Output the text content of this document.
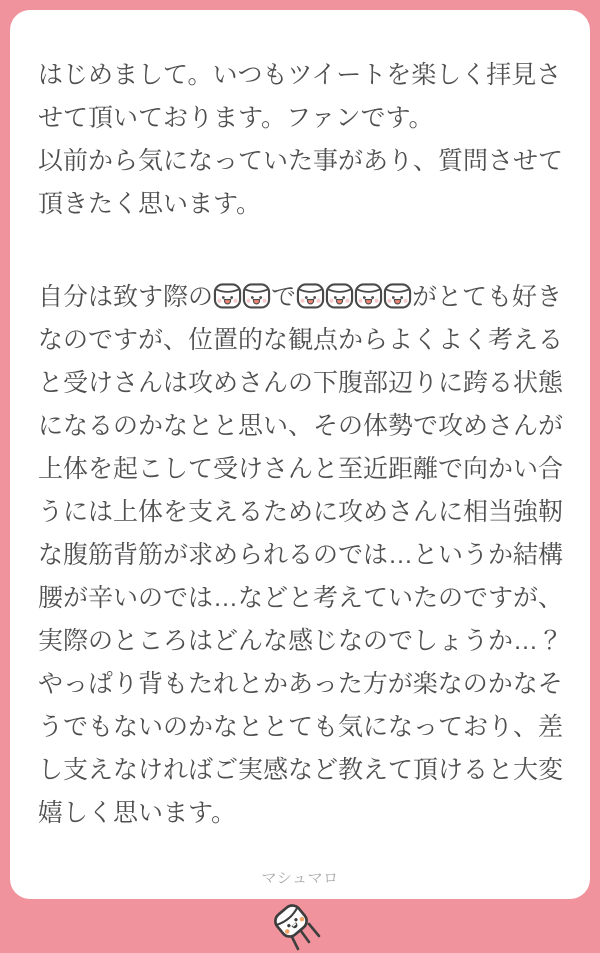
はじめまして。いつもツイートを楽しく拝見させて頂いております。ファンです。
以前から気になっていた事があり、質問させて頂きたく思います。

自分は致す際の で	がとても好きなのですが、位置的な観点からよくよく考えると受けさんは攻めさんの下腹部辺りに跨る状態になるのかなとと思い、その体勢で攻めさんが上体を起こして受けさんと至近距離で向かい合うには上体を支えるために攻めさんに相当強靭な腹筋背筋が求められるのでは…というか結構腰が辛いのでは…などと考えていたのですが、実際のところはどんな感じなのでしょうか…？やっぱり背もたれとかあった方が楽なのかなそうでもないのかなととても気になっており、差し支えなければご実感など教えて頂けると大変嬉しく思います。

マシュマロ
